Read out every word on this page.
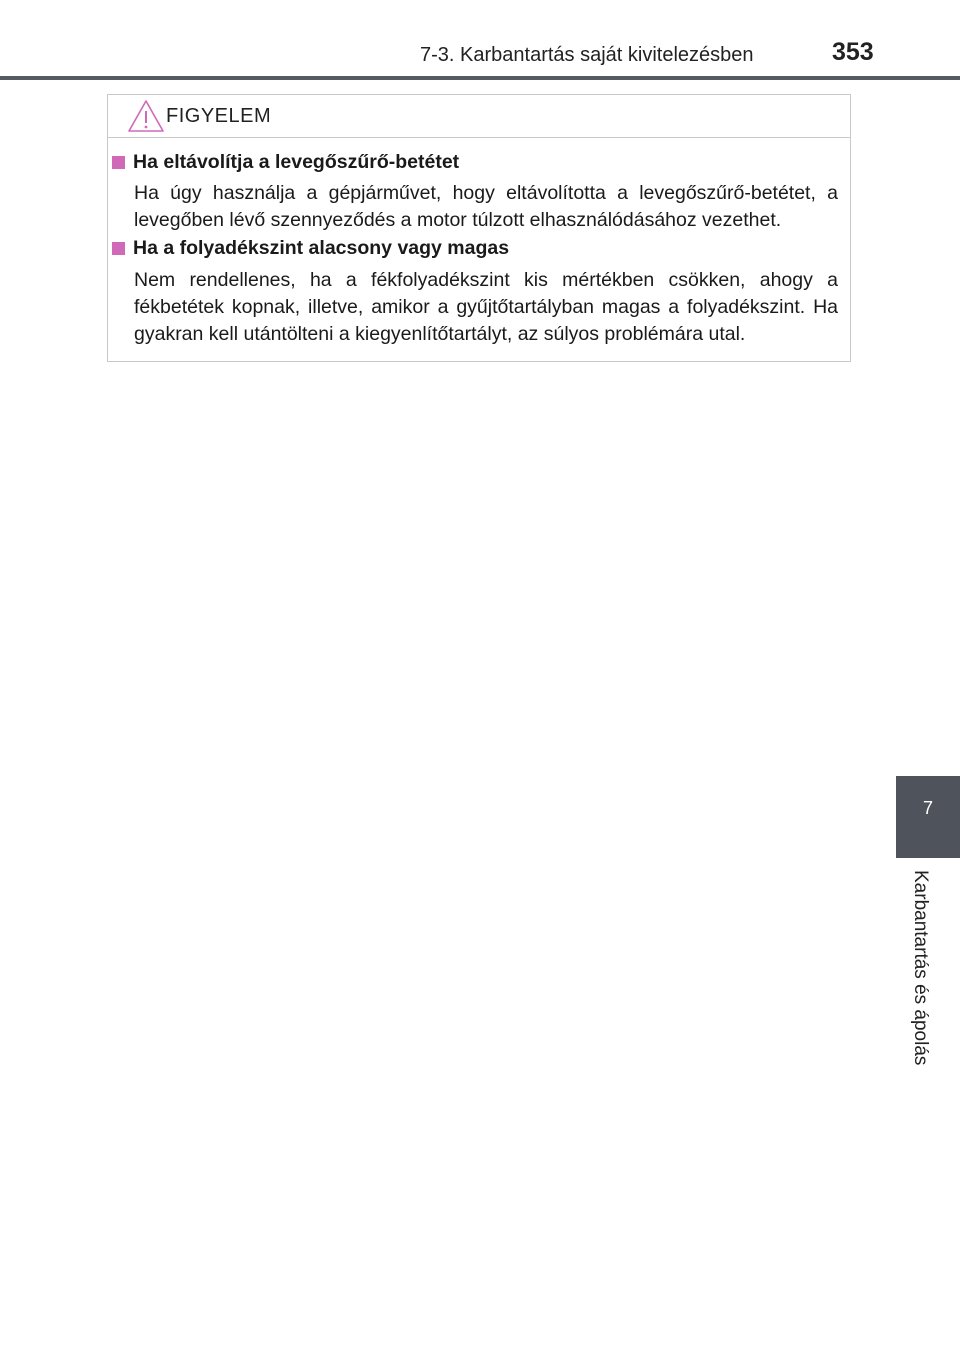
7-3. Karbantartás saját kivitelezésben	353
FIGYELEM
Ha eltávolítja a levegőszűrő-betétet
Ha úgy használja a gépjárművet, hogy eltávolította a levegőszűrő-betétet, a levegőben lévő szennyeződés a motor túlzott elhasználódásához vezethet.
Ha a folyadékszint alacsony vagy magas
Nem rendellenes, ha a fékfolyadékszint kis mértékben csökken, ahogy a fékbetétek kopnak, illetve, amikor a gyűjtőtartályban magas a folyadékszint. Ha gyakran kell utántölteni a kiegyenlítőtartályt, az súlyos problémára utal.
7
Karbantartás és ápolás
